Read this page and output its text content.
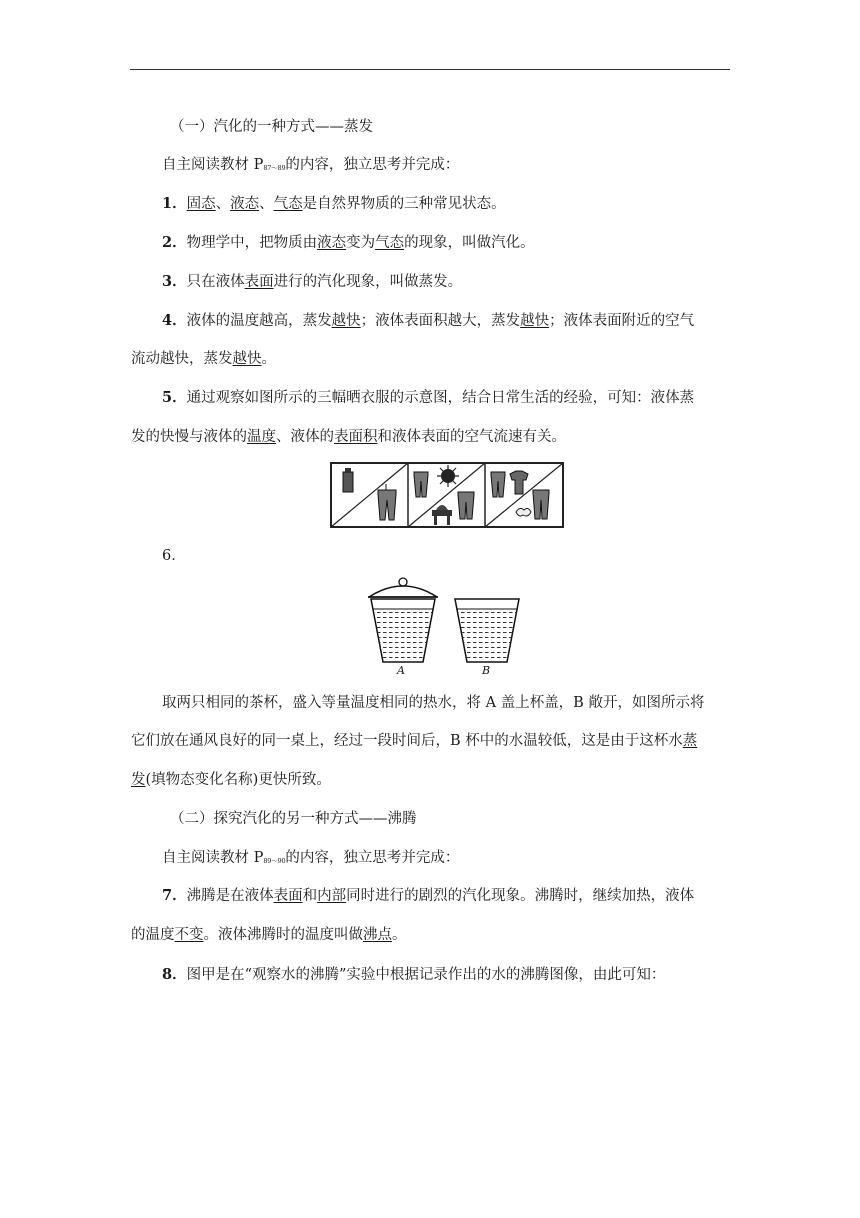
（一）汽化的一种方式——蒸发
自主阅读教材 P87～89的内容，独立思考并完成：
1．固态、液态、气态是自然界物质的三种常见状态。
2．物理学中，把物质由液态变为气态的现象，叫做汽化。
3．只在液体表面进行的汽化现象，叫做蒸发。
4．液体的温度越高，蒸发越快；液体表面积越大，蒸发越快；液体表面附近的空气
流动越快，蒸发越快。
5．通过观察如图所示的三幅晒衣服的示意图，结合日常生活的经验，可知：液体蒸
发的快慢与液体的温度、液体的表面积和液体表面的空气流速有关。
6．
A	B
取两只相同的茶杯，盛入等量温度相同的热水，将 A 盖上杯盖，B 敞开，如图所示将
它们放在通风良好的同一桌上，经过一段时间后，B 杯中的水温较低，这是由于这杯水蒸
发(填物态变化名称)更快所致。
（二）探究汽化的另一种方式——沸腾
自主阅读教材 P89～90的内容，独立思考并完成：
7．沸腾是在液体表面和内部同时进行的剧烈的汽化现象。沸腾时，继续加热，液体
的温度不变。液体沸腾时的温度叫做沸点。
8．图甲是在“观察水的沸腾”实验中根据记录作出的水的沸腾图像，由此可知：
